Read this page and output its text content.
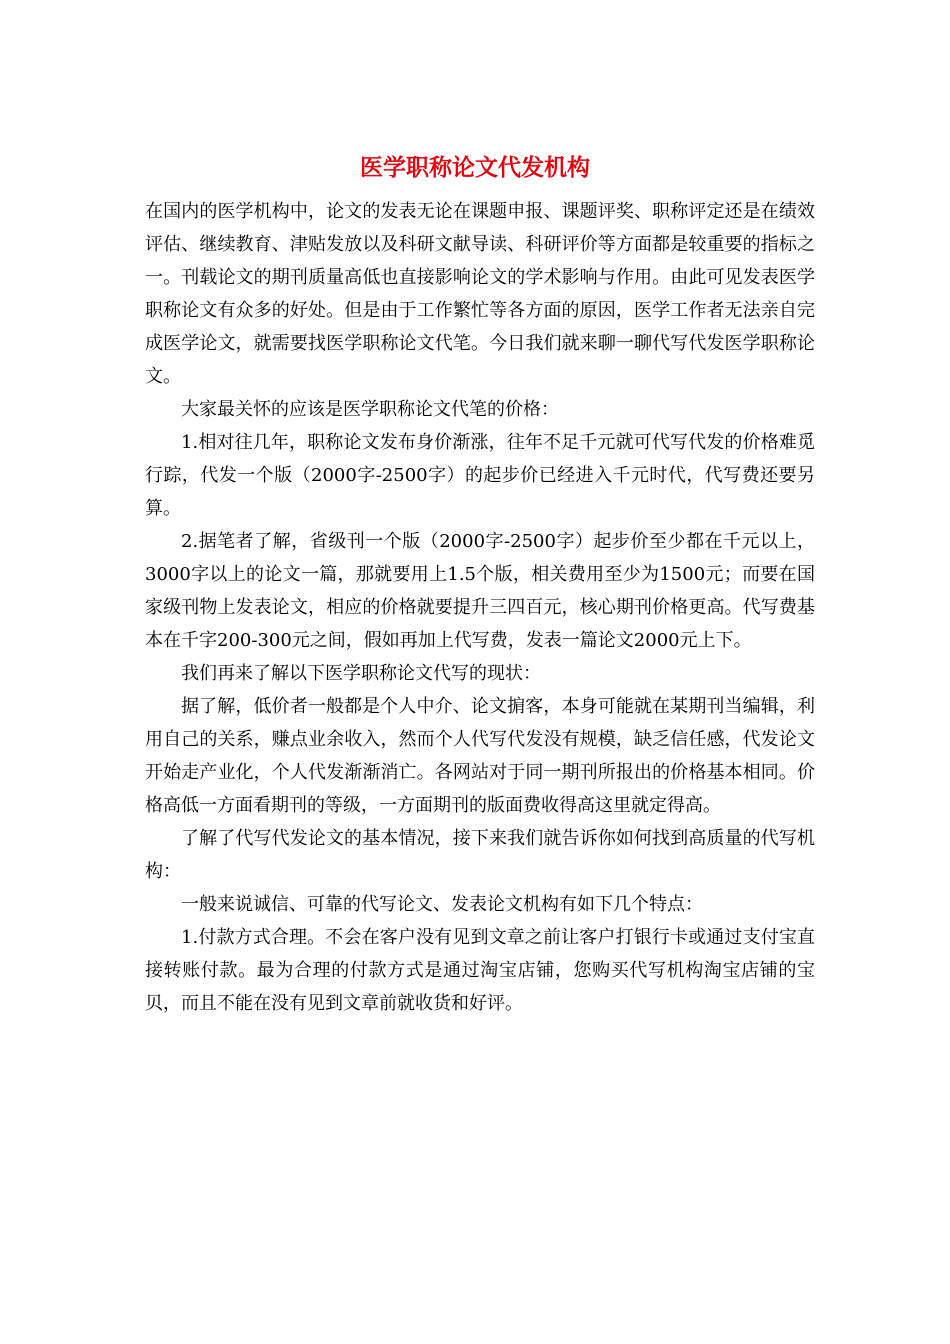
医学职称论文代发机构

在国内的医学机构中，论文的发表无论在课题申报、课题评奖、职称评定还是在绩效评估、继续教育、津贴发放以及科研文献导读、科研评价等方面都是较重要的指标之一。刊载论文的期刊质量高低也直接影响论文的学术影响与作用。由此可见发表医学职称论文有众多的好处。但是由于工作繁忙等各方面的原因，医学工作者无法亲自完成医学论文，就需要找医学职称论文代笔。今日我们就来聊一聊代写代发医学职称论文。

大家最关怀的应该是医学职称论文代笔的价格：

1.相对往几年，职称论文发布身价渐涨，往年不足千元就可代写代发的价格难觅行踪，代发一个版（2000字-2500字）的起步价已经进入千元时代，代写费还要另算。

2.据笔者了解，省级刊一个版（2000字-2500字）起步价至少都在千元以上，3000字以上的论文一篇，那就要用上1.5个版，相关费用至少为1500元；而要在国家级刊物上发表论文，相应的价格就要提升三四百元，核心期刊价格更高。代写费基本在千字200-300元之间，假如再加上代写费，发表一篇论文2000元上下。

我们再来了解以下医学职称论文代写的现状：

据了解，低价者一般都是个人中介、论文掮客，本身可能就在某期刊当编辑，利用自己的关系，赚点业余收入，然而个人代写代发没有规模，缺乏信任感，代发论文开始走产业化，个人代发渐渐消亡。各网站对于同一期刊所报出的价格基本相同。价格高低一方面看期刊的等级，一方面期刊的版面费收得高这里就定得高。

了解了代写代发论文的基本情况，接下来我们就告诉你如何找到高质量的代写机构：

一般来说诚信、可靠的代写论文、发表论文机构有如下几个特点：

1.付款方式合理。不会在客户没有见到文章之前让客户打银行卡或通过支付宝直接转账付款。最为合理的付款方式是通过淘宝店铺，您购买代写机构淘宝店铺的宝贝，而且不能在没有见到文章前就收货和好评。
